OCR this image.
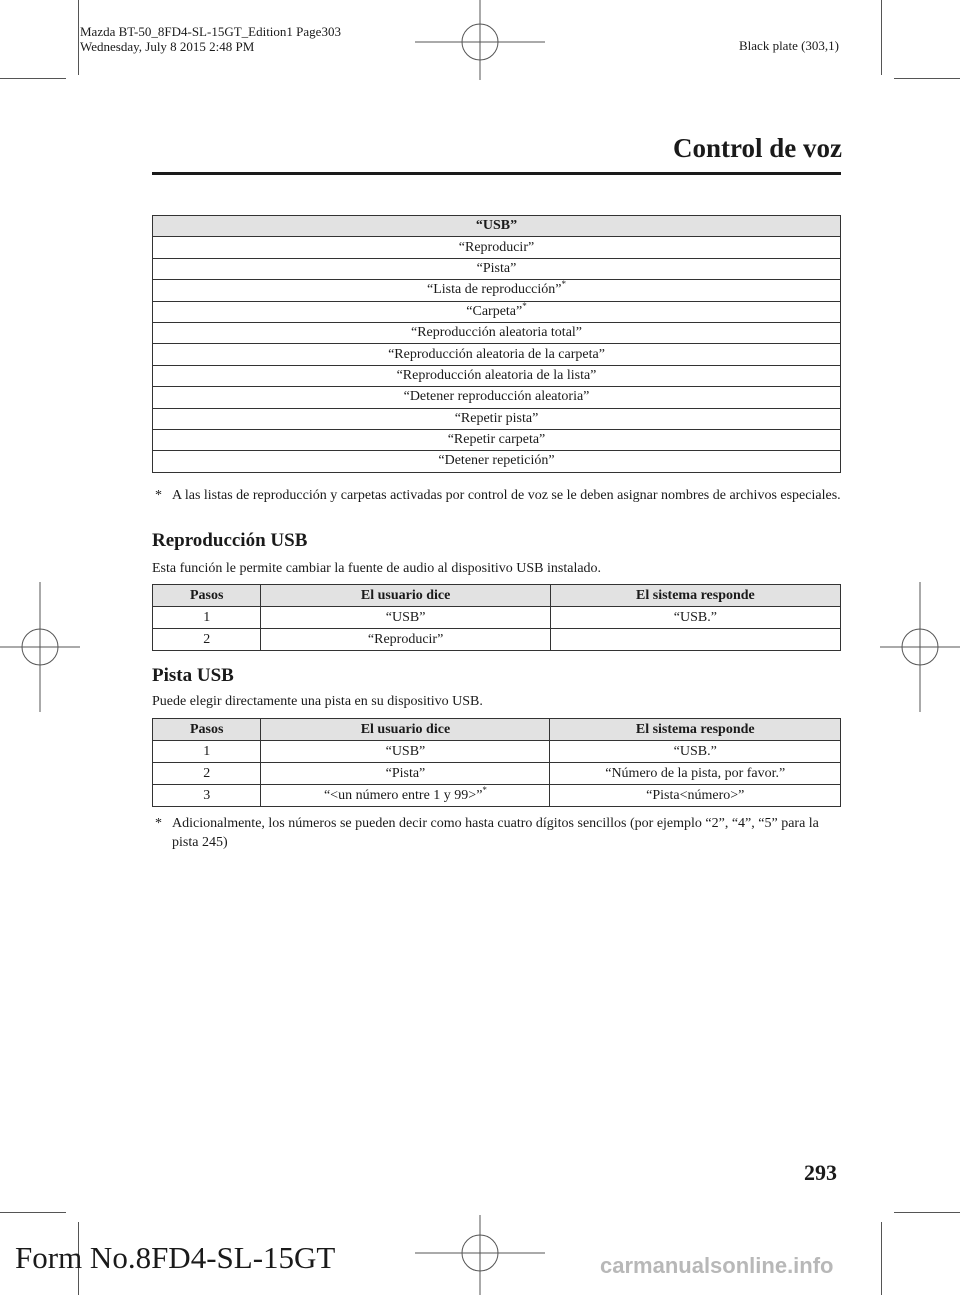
Mazda BT-50_8FD4-SL-15GT_Edition1 Page303
Wednesday, July 8 2015 2:48 PM	Black plate (303,1)
Control de voz
“USB”
“Reproducir”
“Pista”
“Lista de reproducción”*
“Carpeta”*
“Reproducción aleatoria total”
“Reproducción aleatoria de la carpeta”
“Reproducción aleatoria de la lista”
“Detener reproducción aleatoria”
“Repetir pista”
“Repetir carpeta”
“Detener repetición”
* A las listas de reproducción y carpetas activadas por control de voz se le deben asignar nombres de archivos especiales.
Reproducción USB
Esta función le permite cambiar la fuente de audio al dispositivo USB instalado.
Pasos	El usuario dice	El sistema responde
1	“USB”	“USB.”
2	“Reproducir”	
Pista USB
Puede elegir directamente una pista en su dispositivo USB.
Pasos	El usuario dice	El sistema responde
1	“USB”	“USB.”
2	“Pista”	“Número de la pista, por favor.”
3	“<un número entre 1 y 99>”*	“Pista<número>”
* Adicionalmente, los números se pueden decir como hasta cuatro dígitos sencillos (por ejemplo “2”, “4”, “5” para la pista 245)
293
Form No.8FD4-SL-15GT	carmanualsonline.info
